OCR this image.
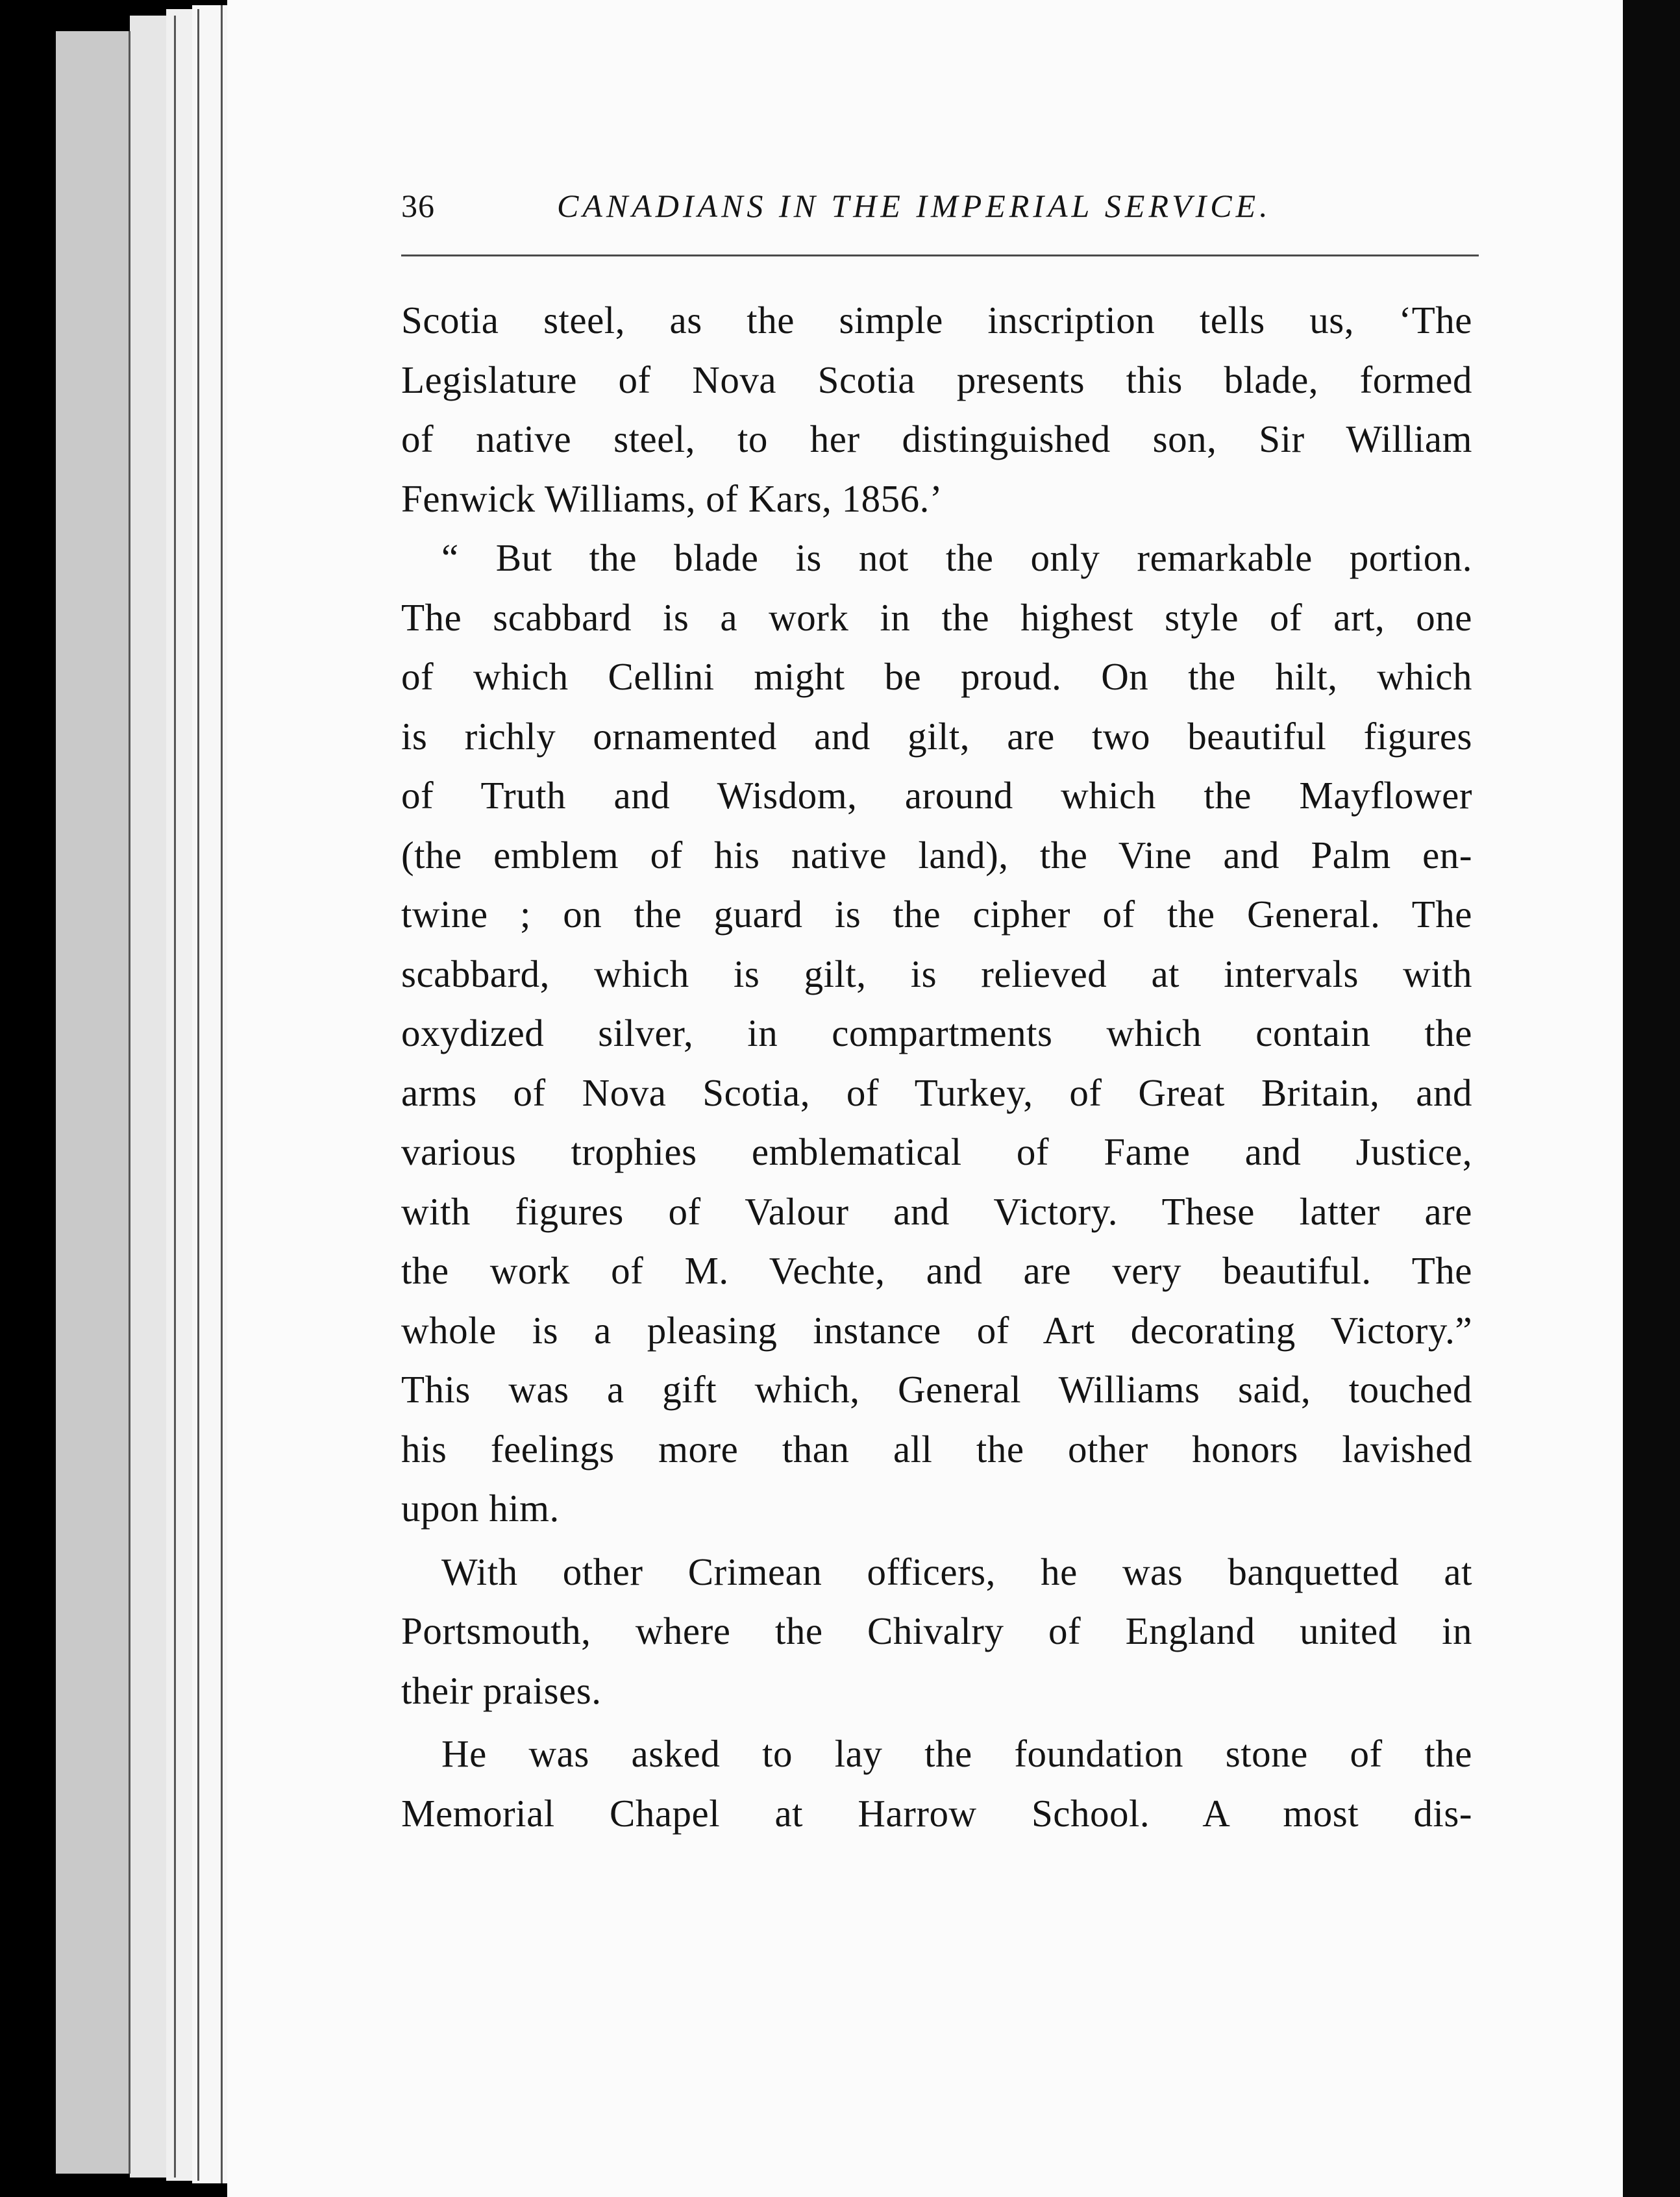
36	CANADIANS IN THE IMPERIAL SERVICE.
Scotia steel, as the simple inscription tells us, ‘The
Legislature of Nova Scotia presents this blade, formed
of native steel, to her distinguished son, Sir William
Fenwick Williams, of Kars, 1856.’
“ But the blade is not the only remarkable portion.
The scabbard is a work in the highest style of art, one
of which Cellini might be proud. On the hilt, which
is richly ornamented and gilt, are two beautiful figures
of Truth and Wisdom, around which the Mayflower
(the emblem of his native land), the Vine and Palm en-
twine ; on the guard is the cipher of the General. The
scabbard, which is gilt, is relieved at intervals with
oxydized silver, in compartments which contain the
arms of Nova Scotia, of Turkey, of Great Britain, and
various trophies emblematical of Fame and Justice,
with figures of Valour and Victory. These latter are
the work of M. Vechte, and are very beautiful. The
whole is a pleasing instance of Art decorating Victory.”
This was a gift which, General Williams said, touched
his feelings more than all the other honors lavished
upon him.
With other Crimean officers, he was banquetted at
Portsmouth, where the Chivalry of England united in
their praises.
He was asked to lay the foundation stone of the
Memorial Chapel at Harrow School. A most dis-
